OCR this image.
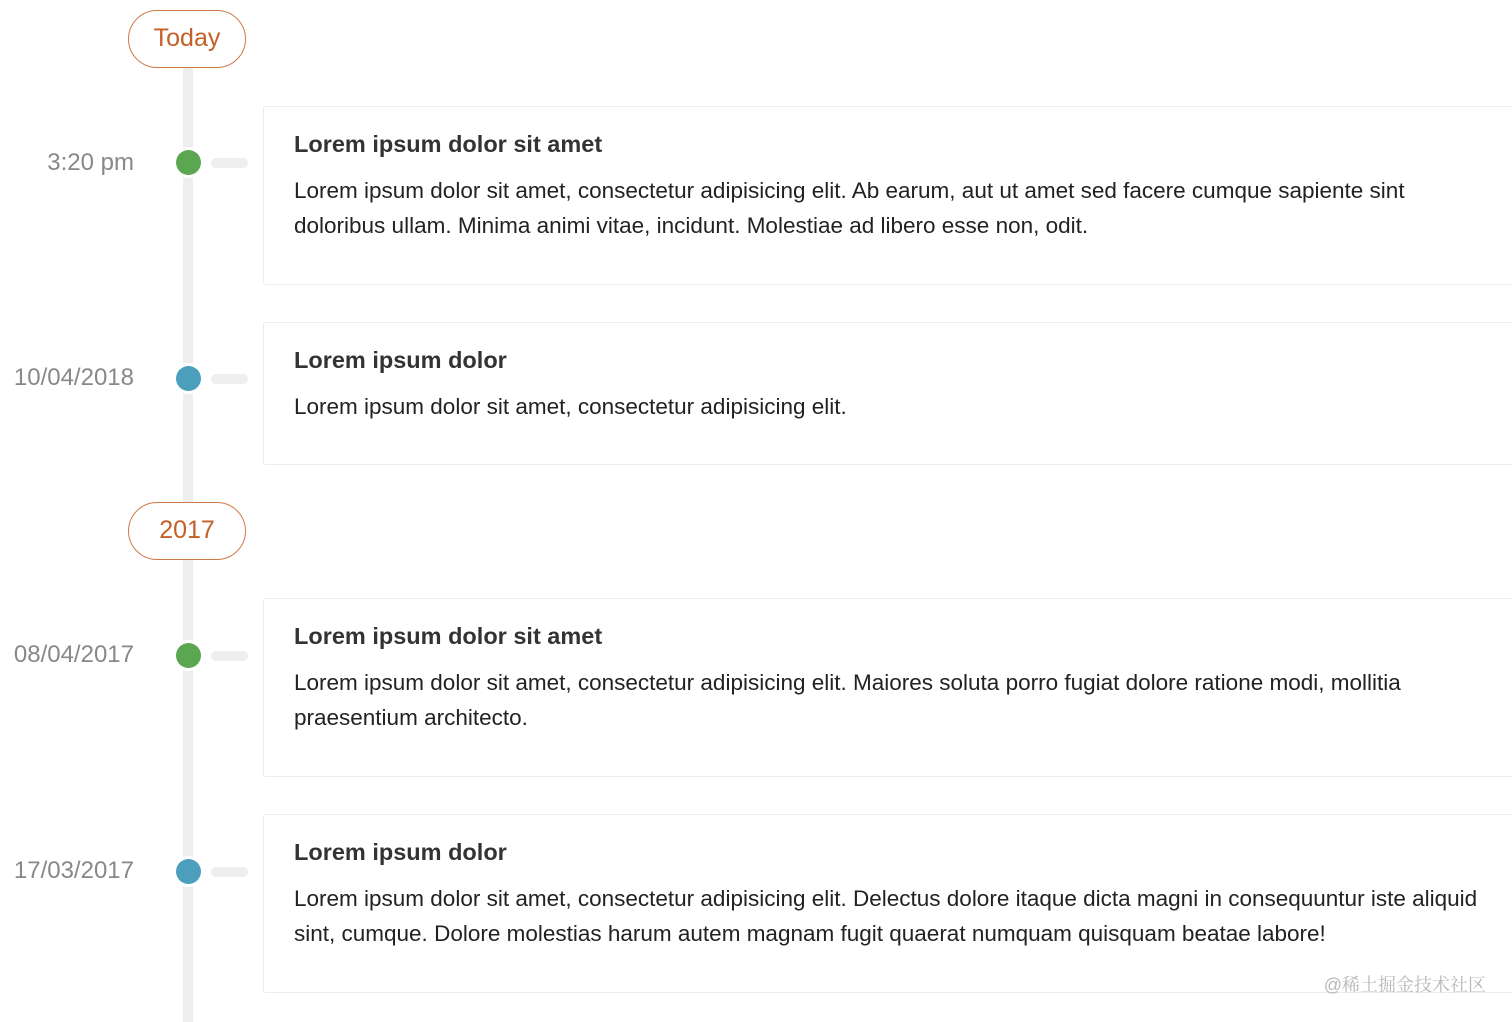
Today
3:20 pm
Lorem ipsum dolor sit amet

Lorem ipsum dolor sit amet, consectetur adipisicing elit. Ab earum, aut ut amet sed facere cumque sapiente sint doloribus ullam. Minima animi vitae, incidunt. Molestiae ad libero esse non, odit.

10/04/2018
Lorem ipsum dolor

Lorem ipsum dolor sit amet, consectetur adipisicing elit.

2017
08/04/2017
Lorem ipsum dolor sit amet

Lorem ipsum dolor sit amet, consectetur adipisicing elit. Maiores soluta porro fugiat dolore ratione modi, mollitia praesentium architecto.

17/03/2017
Lorem ipsum dolor

Lorem ipsum dolor sit amet, consectetur adipisicing elit. Delectus dolore itaque dicta magni in consequuntur iste aliquid sint, cumque. Dolore molestias harum autem magnam fugit quaerat numquam quisquam beatae labore!

@稀土掘金技术社区
